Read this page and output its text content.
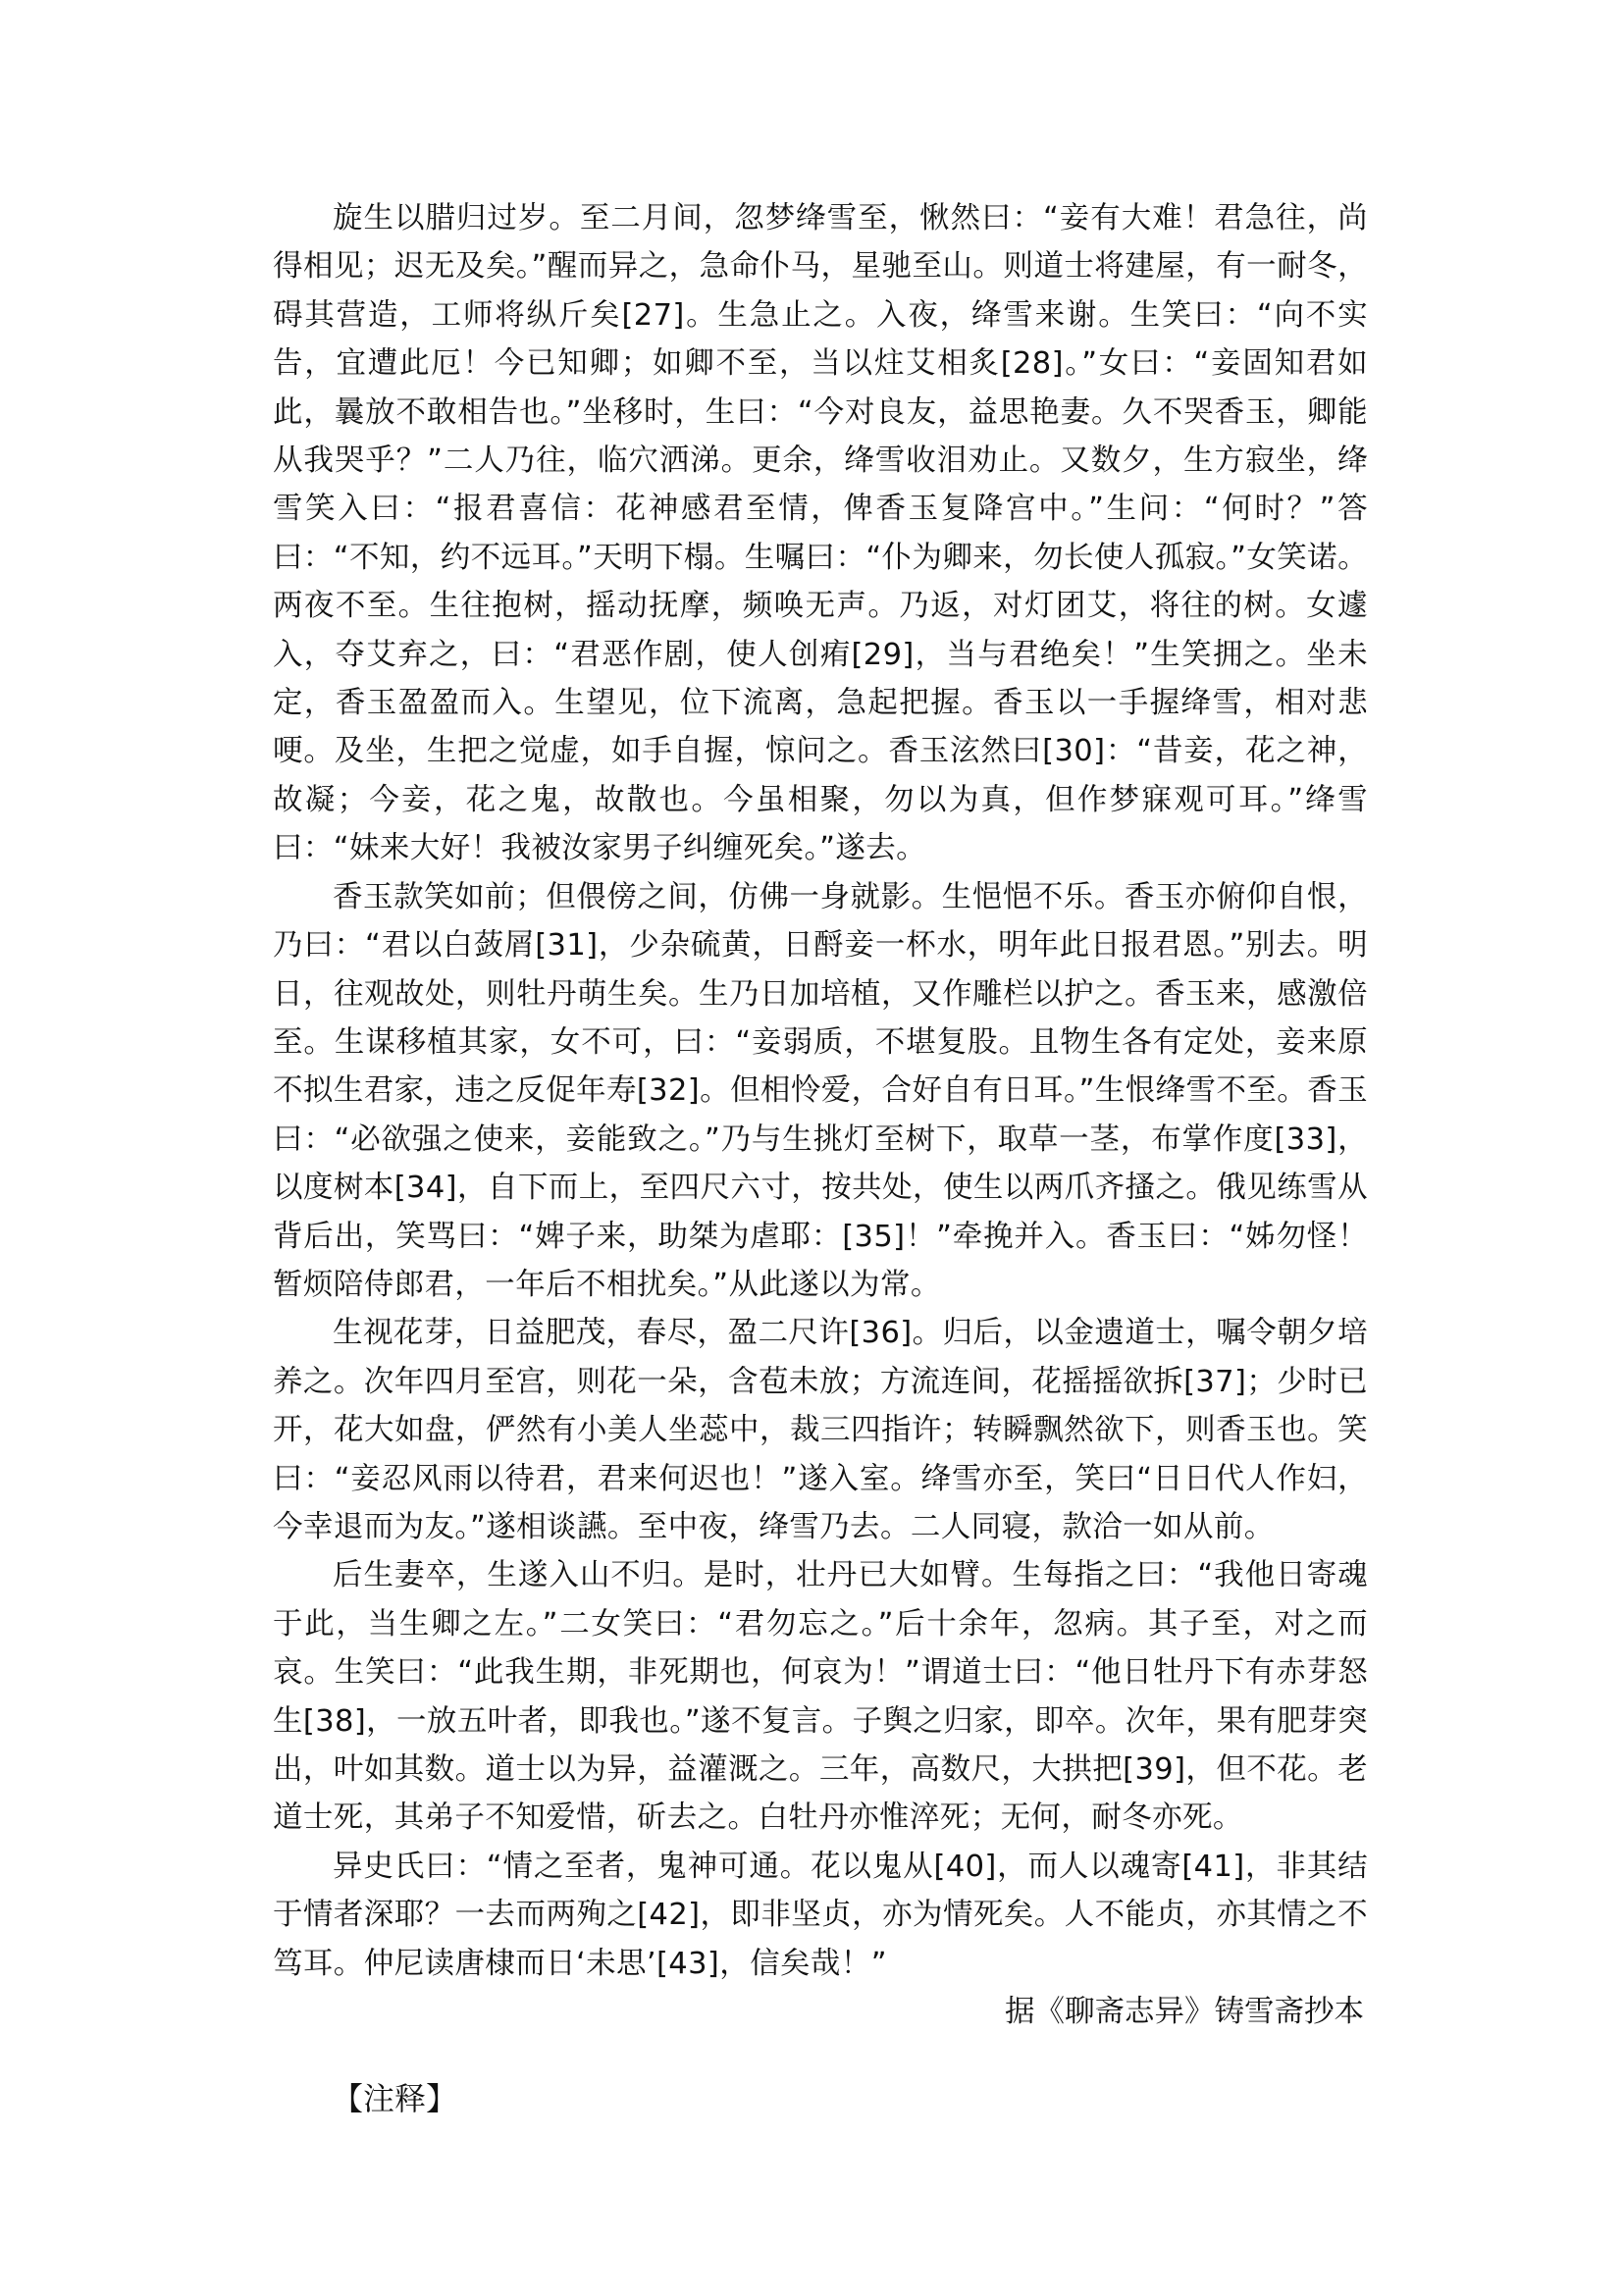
旋生以腊归过岁。至二月间，忽梦绛雪至，愀然曰：“妾有大难！君急往，尚得相见；迟无及矣。”醒而异之，急命仆马，星驰至山。则道士将建屋，有一耐冬，碍其营造，工师将纵斤矣[27]。生急止之。入夜，绛雪来谢。生笑曰：“向不实告，宜遭此厄！今已知卿；如卿不至，当以炷艾相炙[28]。”女曰：“妾固知君如此，曩放不敢相告也。”坐移时，生曰：“今对良友，益思艳妻。久不哭香玉，卿能从我哭乎？”二人乃往，临穴洒涕。更余，绛雪收泪劝止。又数夕，生方寂坐，绛雪笑入曰：“报君喜信：花神感君至情，俾香玉复降宫中。”生问：“何时？”答曰：“不知，约不远耳。”天明下榻。生嘱曰：“仆为卿来，勿长使人孤寂。”女笑诺。两夜不至。生往抱树，摇动抚摩，频唤无声。乃返，对灯团艾，将往的树。女遽入，夺艾弃之，曰：“君恶作剧，使人创痏[29]，当与君绝矣！”生笑拥之。坐未定，香玉盈盈而入。生望见，位下流离，急起把握。香玉以一手握绛雪，相对悲哽。及坐，生把之觉虚，如手自握，惊问之。香玉泫然曰[30]：“昔妾，花之神，故凝；今妾，花之鬼，故散也。今虽相聚，勿以为真，但作梦寐观可耳。”绛雪曰：“妹来大好！我被汝家男子纠缠死矣。”遂去。

香玉款笑如前；但偎傍之间，仿佛一身就影。生悒悒不乐。香玉亦俯仰自恨，乃曰：“君以白蔹屑[31]，少杂硫黄，日酹妾一杯水，明年此日报君恩。”别去。明日，往观故处，则牡丹萌生矣。生乃日加培植，又作雕栏以护之。香玉来，感激倍至。生谋移植其家，女不可，曰：“妾弱质，不堪复股。且物生各有定处，妾来原不拟生君家，违之反促年寿[32]。但相怜爱，合好自有日耳。”生恨绛雪不至。香玉曰：“必欲强之使来，妾能致之。”乃与生挑灯至树下，取草一茎，布掌作度[33]，以度树本[34]，自下而上，至四尺六寸，按共处，使生以两爪齐搔之。俄见练雪从背后出，笑骂曰：“婢子来，助桀为虐耶：[35]！”牵挽并入。香玉曰：“姊勿怪！暂烦陪侍郎君，一年后不相扰矣。”从此遂以为常。

生视花芽，日益肥茂，春尽，盈二尺许[36]。归后，以金遗道士，嘱令朝夕培养之。次年四月至宫，则花一朵，含苞未放；方流连间，花摇摇欲拆[37]；少时已开，花大如盘，俨然有小美人坐蕊中，裁三四指许；转瞬飘然欲下，则香玉也。笑曰：“妾忍风雨以待君，君来何迟也！”遂入室。绛雪亦至，笑曰“日日代人作妇，今幸退而为友。”遂相谈讌。至中夜，绛雪乃去。二人同寝，款洽一如从前。

后生妻卒，生遂入山不归。是时，壮丹已大如臂。生每指之曰：“我他日寄魂于此，当生卿之左。”二女笑曰：“君勿忘之。”后十余年，忽病。其子至，对之而哀。生笑曰：“此我生期，非死期也，何哀为！”谓道士曰：“他日牡丹下有赤芽怒生[38]，一放五叶者，即我也。”遂不复言。子舆之归家，即卒。次年，果有肥芽突出，叶如其数。道士以为异，益灌溉之。三年，高数尺，大拱把[39]，但不花。老道士死，其弟子不知爱惜，斫去之。白牡丹亦惟淬死；无何，耐冬亦死。

异史氏曰：“情之至者，鬼神可通。花以鬼从[40]，而人以魂寄[41]，非其结于情者深耶？一去而两殉之[42]，即非坚贞，亦为情死矣。人不能贞，亦其情之不笃耳。仲尼读唐棣而日‘未思’[43]，信矣哉！”

据《聊斋志异》铸雪斋抄本

【注释】
